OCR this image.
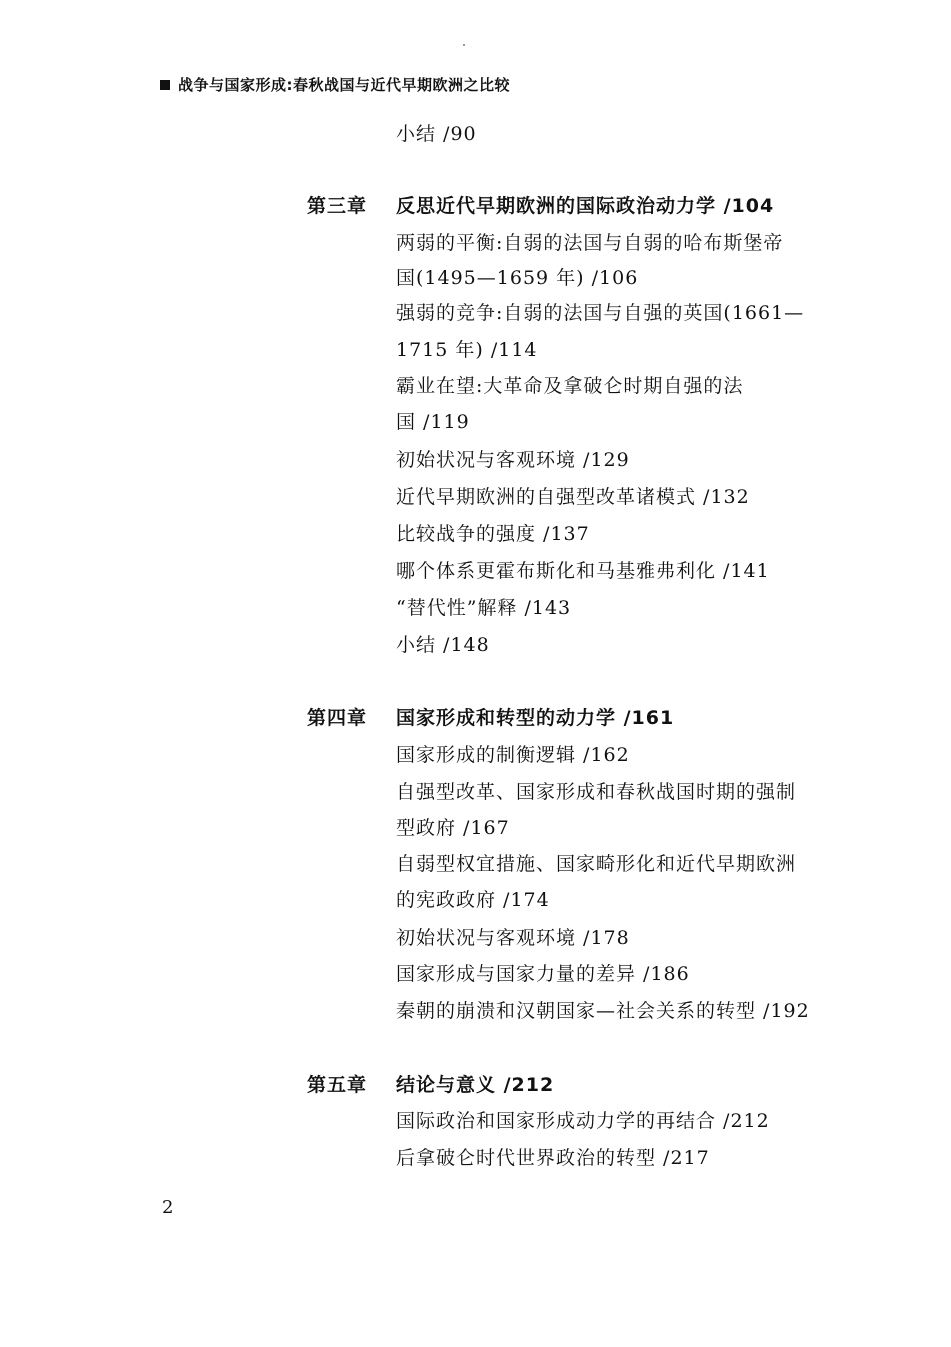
战争与国家形成:春秋战国与近代早期欧洲之比较
小结 /90
第三章 反思近代早期欧洲的国际政治动力学 /104
两弱的平衡:自弱的法国与自弱的哈布斯堡帝
国(1495—1659 年) /106
强弱的竞争:自弱的法国与自强的英国(1661—
1715 年) /114
霸业在望:大革命及拿破仑时期自强的法
国 /119
初始状况与客观环境 /129
近代早期欧洲的自强型改革诸模式 /132
比较战争的强度 /137
哪个体系更霍布斯化和马基雅弗利化 /141
“替代性”解释 /143
小结 /148
第四章 国家形成和转型的动力学 /161
国家形成的制衡逻辑 /162
自强型改革、国家形成和春秋战国时期的强制
型政府 /167
自弱型权宜措施、国家畸形化和近代早期欧洲
的宪政政府 /174
初始状况与客观环境 /178
国家形成与国家力量的差异 /186
秦朝的崩溃和汉朝国家—社会关系的转型 /192
第五章 结论与意义 /212
国际政治和国家形成动力学的再结合 /212
后拿破仑时代世界政治的转型 /217
2
